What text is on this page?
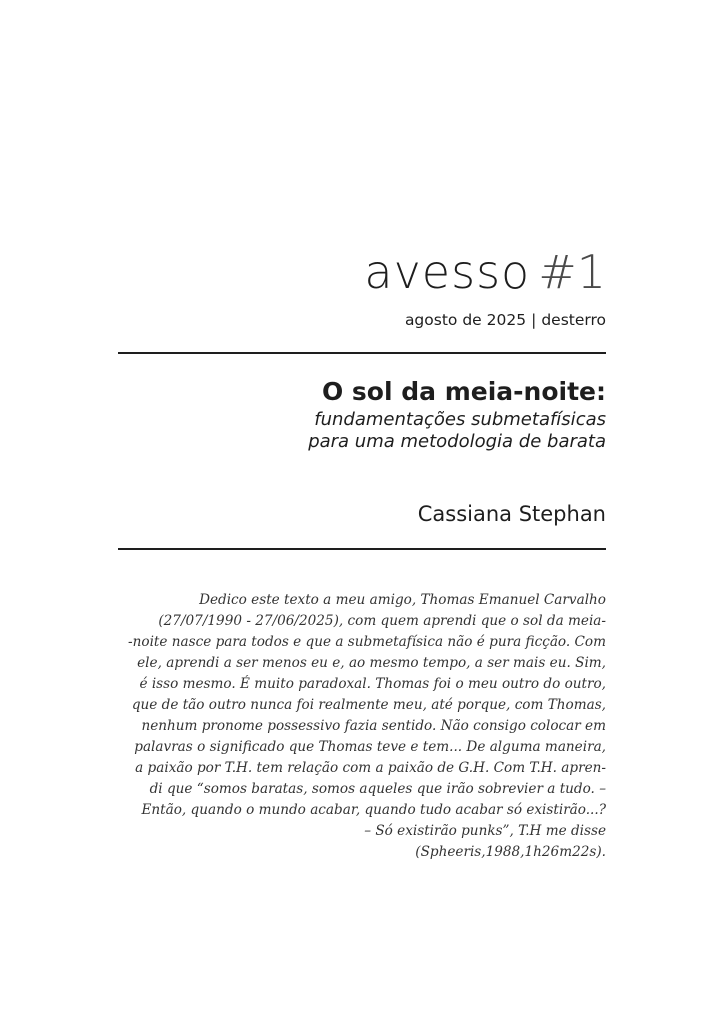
avesso #1
agosto de 2025 | desterro
O sol da meia-noite:
fundamentações submetafísicas
para uma metodologia de barata
Cassiana Stephan
Dedico este texto a meu amigo, Thomas Emanuel Carvalho
(27/07/1990 - 27/06/2025), com quem aprendi que o sol da meia-
-noite nasce para todos e que a submetafísica não é pura ficção. Com
ele, aprendi a ser menos eu e, ao mesmo tempo, a ser mais eu. Sim,
é isso mesmo. É muito paradoxal. Thomas foi o meu outro do outro,
que de tão outro nunca foi realmente meu, até porque, com Thomas,
nenhum pronome possessivo fazia sentido. Não consigo colocar em
palavras o significado que Thomas teve e tem... De alguma maneira,
a paixão por T.H. tem relação com a paixão de G.H. Com T.H. apren-
di que “somos baratas, somos aqueles que irão sobrevier a tudo. –
Então, quando o mundo acabar, quando tudo acabar só existirão...?
– Só existirão punks”, T.H me disse
(Spheeris,1988,1h26m22s).
